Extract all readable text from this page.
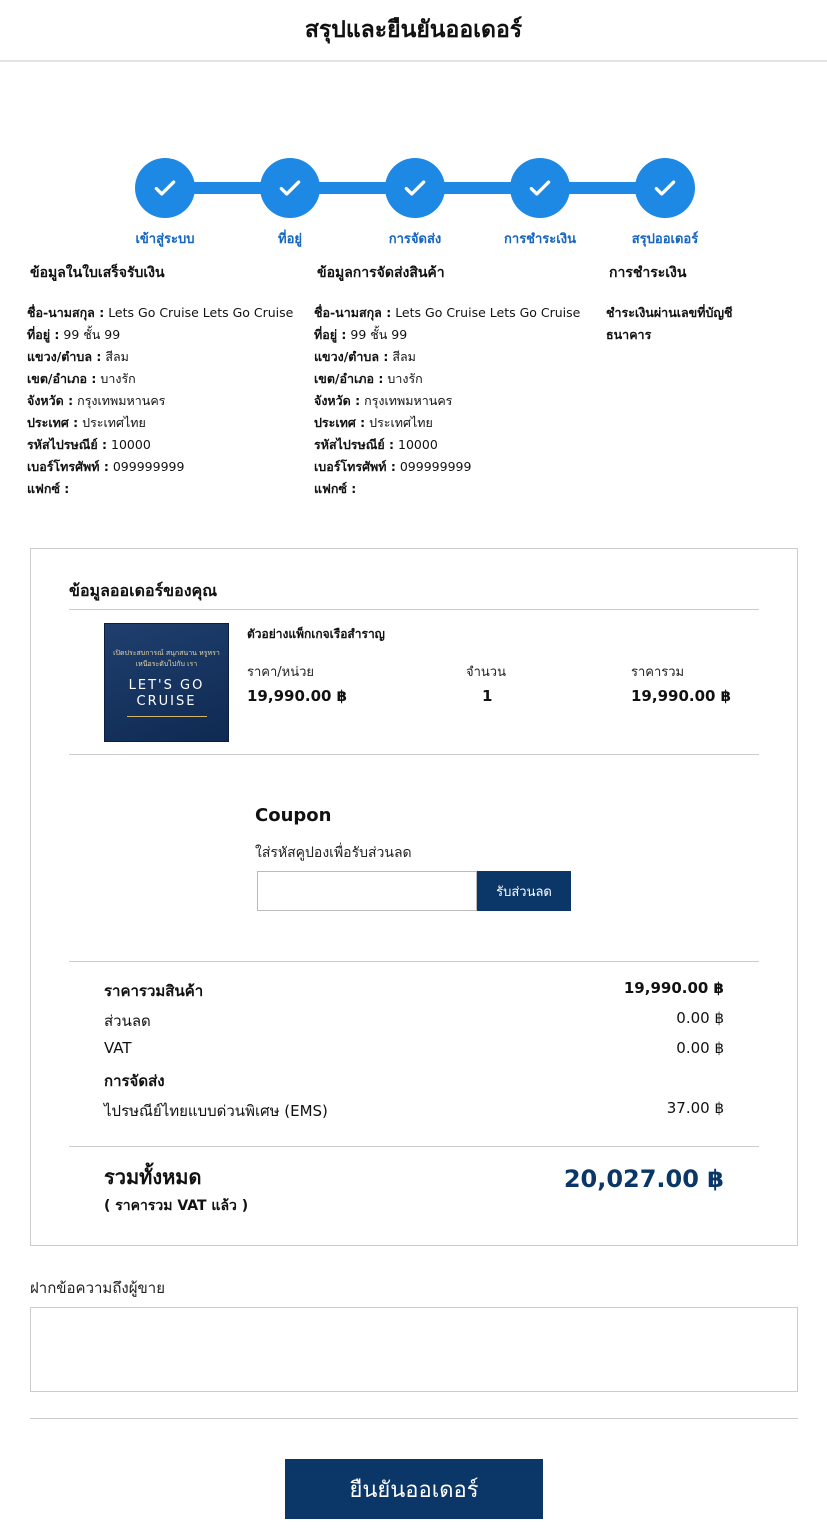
สรุปและยืนยันออเดอร์
เข้าสู่ระบบ	ที่อยู่	การจัดส่ง	การชำระเงิน	สรุปออเดอร์
ข้อมูลในใบเสร็จรับเงิน
ชื่อ-นามสกุล : Lets Go Cruise Lets Go Cruise
ที่อยู่ : 99 ชั้น 99
แขวง/ตำบล : สีลม
เขต/อำเภอ : บางรัก
จังหวัด : กรุงเทพมหานคร
ประเทศ : ประเทศไทย
รหัสไปรษณีย์ : 10000
เบอร์โทรศัพท์ : 099999999
แฟกซ์ :
ข้อมูลการจัดส่งสินค้า
ชื่อ-นามสกุล : Lets Go Cruise Lets Go Cruise
ที่อยู่ : 99 ชั้น 99
แขวง/ตำบล : สีลม
เขต/อำเภอ : บางรัก
จังหวัด : กรุงเทพมหานคร
ประเทศ : ประเทศไทย
รหัสไปรษณีย์ : 10000
เบอร์โทรศัพท์ : 099999999
แฟกซ์ :
การชำระเงิน
ชำระเงินผ่านเลขที่บัญชีธนาคาร
ข้อมูลออเดอร์ของคุณ
เปิดประสบการณ์ สนุกสนาน หรูหรา เหนือระดับไปกับ เรา
LET'S GO CRUISE
ตัวอย่างแพ็กเกจเรือสำราญ
ราคา/หน่วย	จำนวน	ราคารวม
19,990.00 ฿	1	19,990.00 ฿
Coupon
ใส่รหัสคูปองเพื่อรับส่วนลด
รับส่วนลด
ราคารวมสินค้า	19,990.00 ฿
ส่วนลด	0.00 ฿
VAT	0.00 ฿
การจัดส่ง
ไปรษณีย์ไทยแบบด่วนพิเศษ (EMS)	37.00 ฿
รวมทั้งหมด
( ราคารวม VAT แล้ว )
20,027.00 ฿
ฝากข้อความถึงผู้ขาย
ยืนยันออเดอร์
